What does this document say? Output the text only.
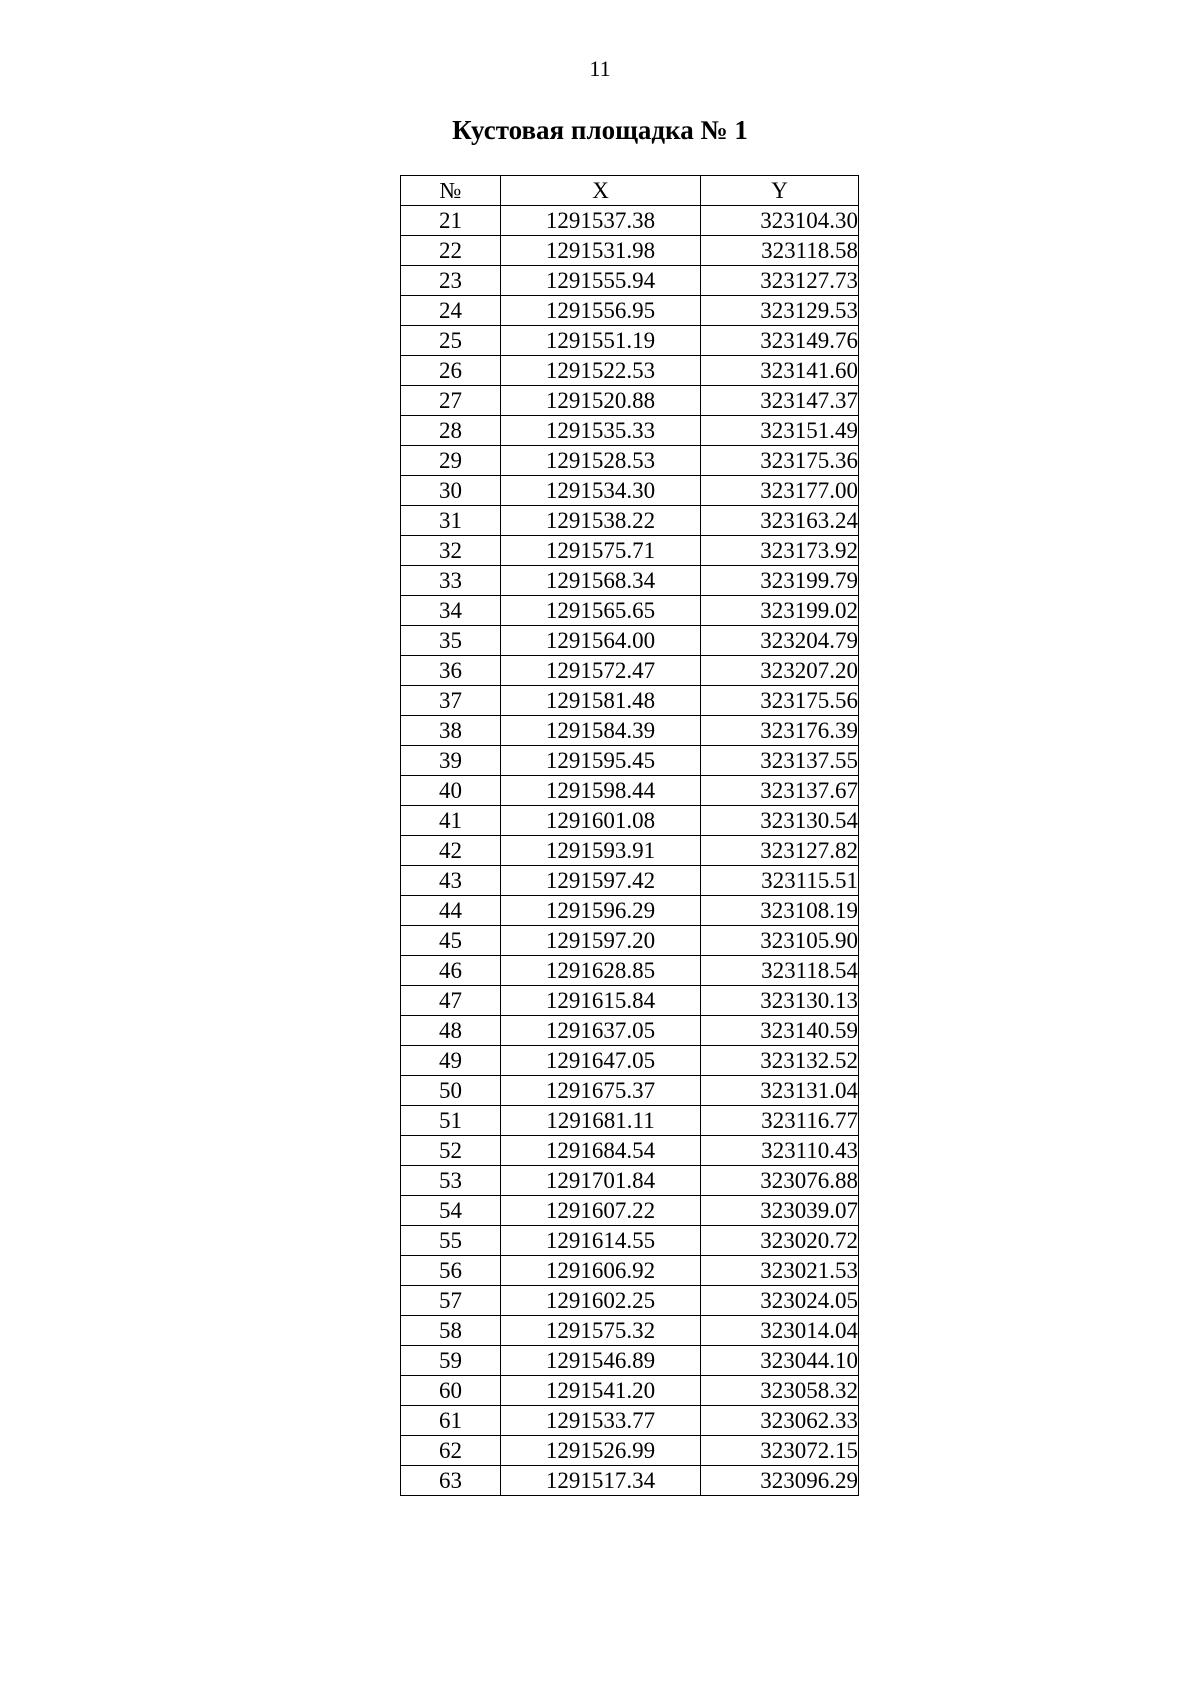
11
Кустовая площадка № 1
№	X	Y
21	1291537.38	323104.30
22	1291531.98	323118.58
23	1291555.94	323127.73
24	1291556.95	323129.53
25	1291551.19	323149.76
26	1291522.53	323141.60
27	1291520.88	323147.37
28	1291535.33	323151.49
29	1291528.53	323175.36
30	1291534.30	323177.00
31	1291538.22	323163.24
32	1291575.71	323173.92
33	1291568.34	323199.79
34	1291565.65	323199.02
35	1291564.00	323204.79
36	1291572.47	323207.20
37	1291581.48	323175.56
38	1291584.39	323176.39
39	1291595.45	323137.55
40	1291598.44	323137.67
41	1291601.08	323130.54
42	1291593.91	323127.82
43	1291597.42	323115.51
44	1291596.29	323108.19
45	1291597.20	323105.90
46	1291628.85	323118.54
47	1291615.84	323130.13
48	1291637.05	323140.59
49	1291647.05	323132.52
50	1291675.37	323131.04
51	1291681.11	323116.77
52	1291684.54	323110.43
53	1291701.84	323076.88
54	1291607.22	323039.07
55	1291614.55	323020.72
56	1291606.92	323021.53
57	1291602.25	323024.05
58	1291575.32	323014.04
59	1291546.89	323044.10
60	1291541.20	323058.32
61	1291533.77	323062.33
62	1291526.99	323072.15
63	1291517.34	323096.29
